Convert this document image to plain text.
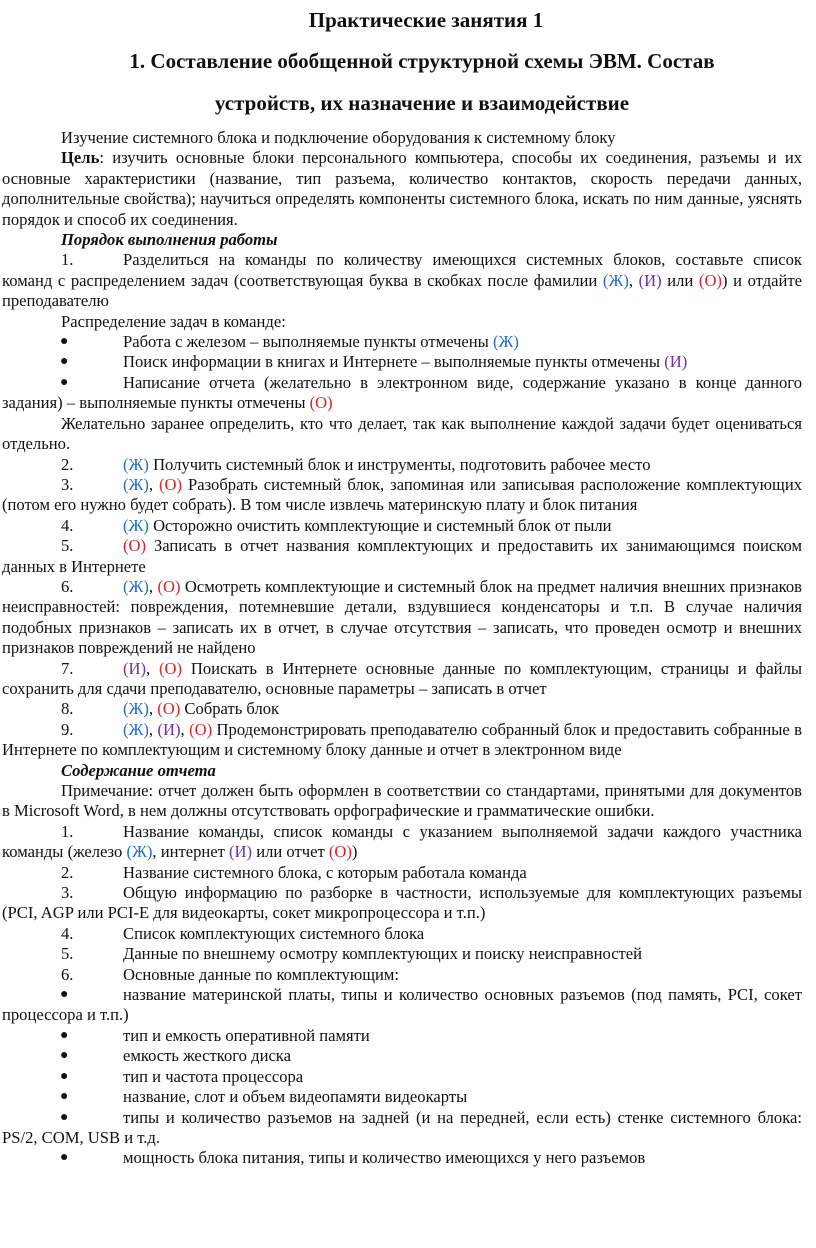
Практические занятия 1
1. Составление обобщенной структурной схемы ЭВМ. Состав
устройств, их назначение и взаимодействие

Изучение системного блока и подключение оборудования к системному блоку

Цель: изучить основные блоки персонального компьютера, способы их соединения, разъемы и их основные характеристики (название, тип разъема, количество контактов, скорость передачи данных, дополнительные свойства); научиться определять компоненты системного блока, искать по ним данные, уяснять порядок и способ их соединения.

Порядок выполнения работы

1.	Разделиться на команды по количеству имеющихся системных блоков, составьте список команд с распределением задач (соответствующая буква в скобках после фамилии (Ж), (И) или (О)) и отдайте преподавателю

Распределение задач в команде:

●	Работа с железом – выполняемые пункты отмечены (Ж)

●	Поиск информации в книгах и Интернете – выполняемые пункты отмечены (И)

●	Написание отчета (желательно в электронном виде, содержание указано в конце данного задания) – выполняемые пункты отмечены (О)

Желательно заранее определить, кто что делает, так как выполнение каждой задачи будет оцениваться отдельно.

2.	(Ж) Получить системный блок и инструменты, подготовить рабочее место

3.	(Ж), (О) Разобрать системный блок, запоминая или записывая расположение комплектующих (потом его нужно будет собрать). В том числе извлечь материнскую плату и блок питания

4.	(Ж) Осторожно очистить комплектующие и системный блок от пыли

5.	(О) Записать в отчет названия комплектующих и предоставить их занимающимся поиском данных в Интернете

6.	(Ж), (О) Осмотреть комплектующие и системный блок на предмет наличия внешних признаков неисправностей: повреждения, потемневшие детали, вздувшиеся конденсаторы и т.п. В случае наличия подобных признаков – записать их в отчет, в случае отсутствия – записать, что проведен осмотр и внешних признаков повреждений не найдено

7.	(И), (О) Поискать в Интернете основные данные по комплектующим, страницы и файлы сохранить для сдачи преподавателю, основные параметры – записать в отчет

8.	(Ж), (О) Собрать блок

9.	(Ж), (И), (О) Продемонстрировать преподавателю собранный блок и предоставить собранные в Интернете по комплектующим и системному блоку данные и отчет в электронном виде

Содержание отчета

Примечание: отчет должен быть оформлен в соответствии со стандартами, принятыми для документов в Microsoft Word, в нем должны отсутствовать орфографические и грамматические ошибки.

1.	Название команды, список команды с указанием выполняемой задачи каждого участника команды (железо (Ж), интернет (И) или отчет (О))

2.	Название системного блока, с которым работала команда

3.	Общую информацию по разборке в частности, используемые для комплектующих разъемы (PCI, AGP или PCI-E для видеокарты, сокет микропроцессора и т.п.)

4.	Список комплектующих системного блока

5.	Данные по внешнему осмотру комплектующих и поиску неисправностей

6.	Основные данные по комплектующим:

●	название материнской платы, типы и количество основных разъемов (под память, PCI, сокет процессора и т.п.)

●	тип и емкость оперативной памяти

●	емкость жесткого диска

●	тип и частота процессора

●	название, слот и объем видеопамяти видеокарты

●	типы и количество разъемов на задней (и на передней, если есть) стенке системного блока: PS/2, COM, USB и т.д.

●	мощность блока питания, типы и количество имеющихся у него разъемов
